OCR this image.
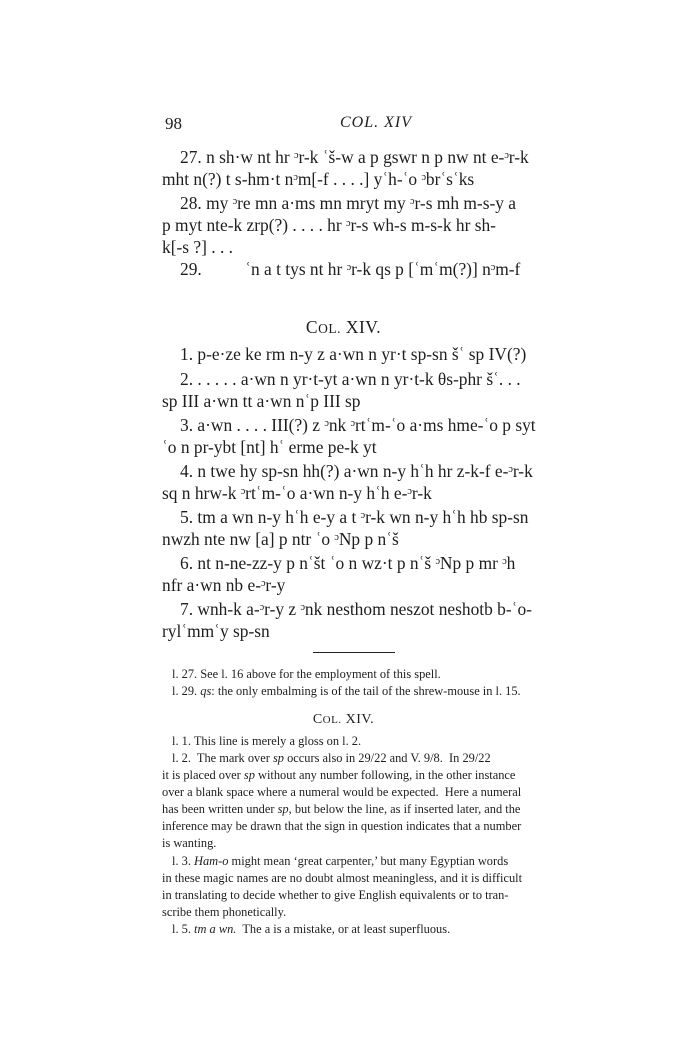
98	COL. XIV
27. n sh·w nt hr ᵓr-k ʿš-w a p gswr n p nw nt e-ᵓr-k
mht n(?) t s-hm·t nᵓm[-f . . . .] yʿh-ʿo ᵓbrʿsʿks
28. my ᵓre mn a·ms mn mryt my ᵓr-s mh m-s-y a
p myt nte-k zrp(?) . . . . hr ᵓr-s wh-s m-s-k hr sh-
k[-s ?] . . .
29.          ʿn a t tys nt hr ᵓr-k qs p [ʿmʿm(?)] nᵓm-f
COL. XIV.
1. p-e·ze ke rm n-y z a·wn n yr·t sp-sn šʿ sp IV(?)
2. . . . . . a·wn n yr·t-yt a·wn n yr·t-k θs-phr šʿ. . .
sp III a·wn tt a·wn nʿp III sp
3. a·wn . . . . III(?) z ᵓnk ᵓrtʿm-ʿo a·ms hme-ʿo p syt
ʿo n pr-ybt [nt] hʿ erme pe-k yt
4. n twe hy sp-sn hh(?) a·wn n-y hʿh hr z-k-f e-ᵓr-k
sq n hrw-k ᵓrtʿm-ʿo a·wn n-y hʿh e-ᵓr-k
5. tm a wn n-y hʿh e-y a t ᵓr-k wn n-y hʿh hb sp-sn
nwzh nte nw [a] p ntr ʿo ᵓNp p nʿš
6. nt n-ne-zz-y p nʿšt ʿo n wz·t p nʿš ᵓNp p mr ᵓh
nfr a·wn nb e-ᵓr-y
7. wnh-k a-ᵓr-y z ᵓnk nesthom neszot neshotb b-ʿo-
rylʿmmʿy sp-sn
l. 27. See l. 16 above for the employment of this spell.
l. 29. qs: the only embalming is of the tail of the shrew-mouse in l. 15.
COL. XIV.
l. 1. This line is merely a gloss on l. 2.
l. 2.  The mark over sp occurs also in 29/22 and V. 9/8.  In 29/22
it is placed over sp without any number following, in the other instance
over a blank space where a numeral would be expected.  Here a numeral
has been written under sp, but below the line, as if inserted later, and the
inference may be drawn that the sign in question indicates that a number
is wanting.
l. 3. Ham-o might mean ‘great carpenter,’ but many Egyptian words
in these magic names are no doubt almost meaningless, and it is difficult
in translating to decide whether to give English equivalents or to tran-
scribe them phonetically.
l. 5. tm a wn.  The a is a mistake, or at least superfluous.
